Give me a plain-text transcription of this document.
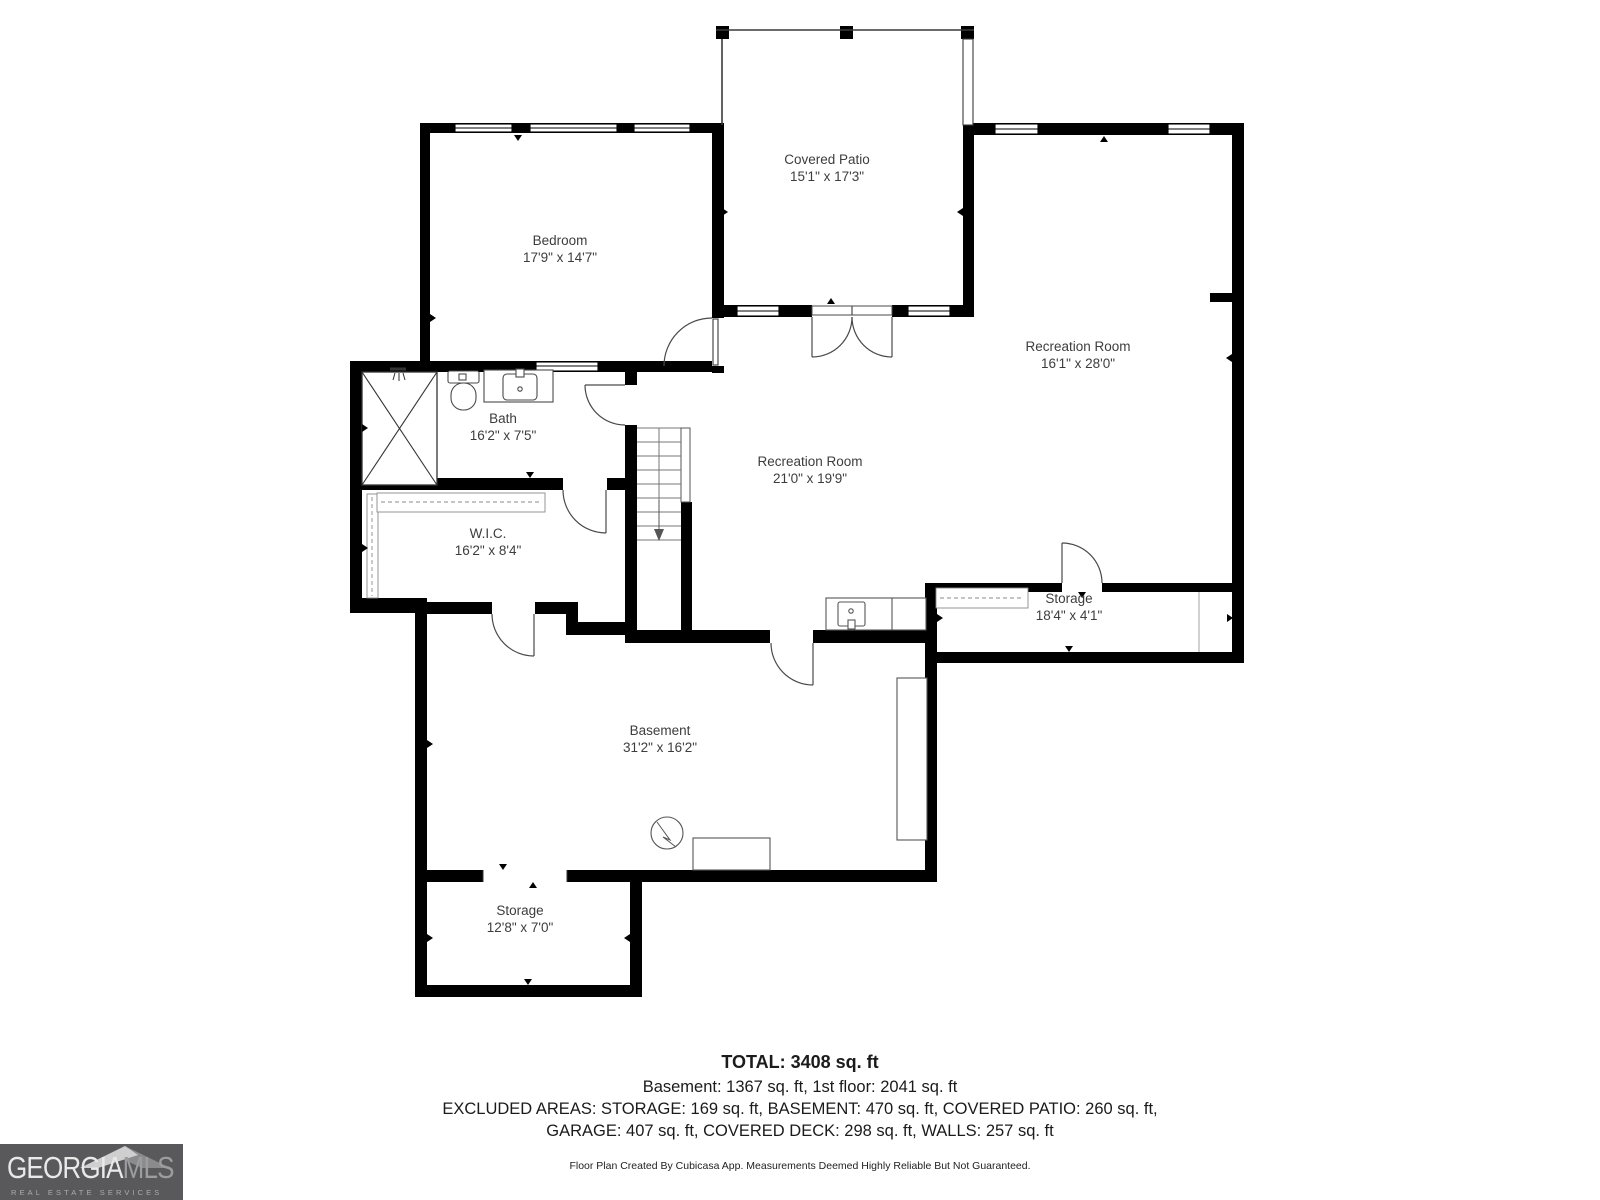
Covered Patio
15'1" x 17'3"
Bedroom
17'9" x 14'7"
Recreation Room
16'1" x 28'0"
Bath
16'2" x 7'5"
Recreation Room
21'0" x 19'9"
W.I.C.
16'2" x 8'4"
Storage
18'4" x 4'1"
Basement
31'2" x 16'2"
Storage
12'8" x 7'0"
TOTAL: 3408 sq. ft
Basement: 1367 sq. ft, 1st floor: 2041 sq. ft
EXCLUDED AREAS: STORAGE: 169 sq. ft, BASEMENT: 470 sq. ft, COVERED PATIO: 260 sq. ft,
GARAGE: 407 sq. ft, COVERED DECK: 298 sq. ft, WALLS: 257 sq. ft
Floor Plan Created By Cubicasa App. Measurements Deemed Highly Reliable But Not Guaranteed.
GEORGIAMLS
REAL ESTATE SERVICES
